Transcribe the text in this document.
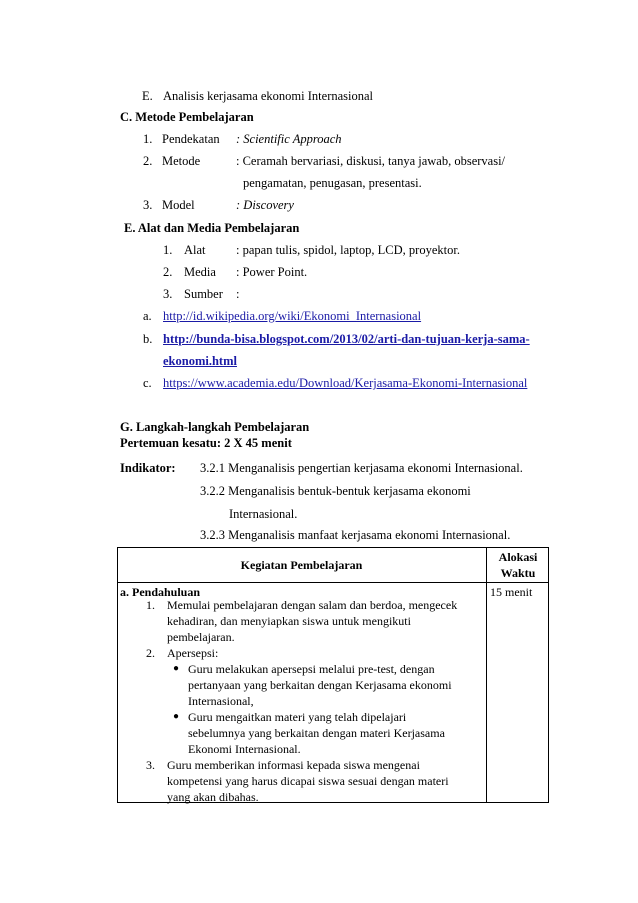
E. Analisis kerjasama ekonomi Internasional
C. Metode Pembelajaran
1. Pendekatan : Scientific Approach
2. Metode	: Ceramah bervariasi, diskusi, tanya jawab, observasi/
pengamatan, penugasan, presentasi.
3. Model	: Discovery
E. Alat dan Media Pembelajaran
1. Alat : papan tulis, spidol, laptop, LCD, proyektor.
2. Media : Power Point.
3. Sumber :
a. http://id.wikipedia.org/wiki/Ekonomi_Internasional
b. http://bunda-bisa.blogspot.com/2013/02/arti-dan-tujuan-kerja-sama-
ekonomi.html
c. https://www.academia.edu/Download/Kerjasama-Ekonomi-Internasional
G. Langkah-langkah Pembelajaran
Pertemuan kesatu: 2 X 45 menit
Indikator: 3.2.1 Menganalisis pengertian kerjasama ekonomi Internasional.
3.2.2 Menganalisis bentuk-bentuk kerjasama ekonomi
Internasional.
3.2.3 Menganalisis manfaat kerjasama ekonomi Internasional.
Kegiatan Pembelajaran
Alokasi
Waktu
a. Pendahuluan	15 menit
1. Memulai pembelajaran dengan salam dan berdoa, mengecek
kehadiran, dan menyiapkan siswa untuk mengikuti
pembelajaran.
2. Apersepsi:
● Guru melakukan apersepsi melalui pre-test, dengan
pertanyaan yang berkaitan dengan Kerjasama ekonomi
Internasional,
● Guru mengaitkan materi yang telah dipelajari
sebelumnya yang berkaitan dengan materi Kerjasama
Ekonomi Internasional.
3. Guru memberikan informasi kepada siswa mengenai
kompetensi yang harus dicapai siswa sesuai dengan materi
yang akan dibahas.
